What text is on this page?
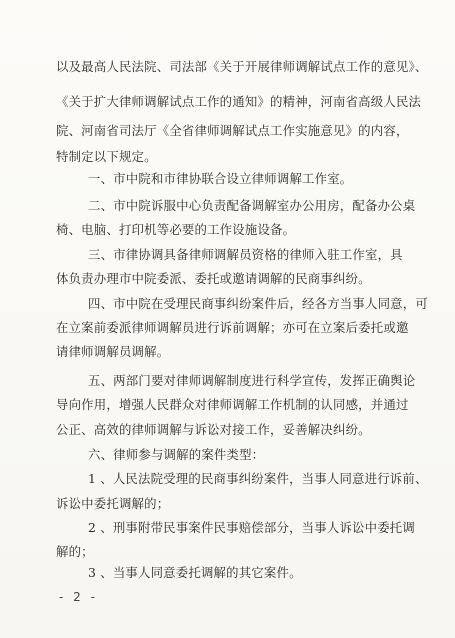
以及最高人民法院、司法部《关于开展律师调解试点工作的意见》、
《关于扩大律师调解试点工作的通知》的精神，河南省高级人民法
院、河南省司法厅《全省律师调解试点工作实施意见》的内容，
特制定以下规定。
一、市中院和市律协联合设立律师调解工作室。
二、市中院诉服中心负责配备调解室办公用房，配备办公桌
椅、电脑、打印机等必要的工作设施设备。
三、市律协调具备律师调解员资格的律师入驻工作室，具
体负责办理市中院委派、委托或邀请调解的民商事纠纷。
四、市中院在受理民商事纠纷案件后，经各方当事人同意，可
在立案前委派律师调解员进行诉前调解；亦可在立案后委托或邀
请律师调解员调解。
五、两部门要对律师调解制度进行科学宣传，发挥正确舆论
导向作用，增强人民群众对律师调解工作机制的认同感，并通过
公正、高效的律师调解与诉讼对接工作，妥善解决纠纷。
六、律师参与调解的案件类型：
1 、人民法院受理的民商事纠纷案件，当事人同意进行诉前、
诉讼中委托调解的；
2 、刑事附带民事案件民事赔偿部分，当事人诉讼中委托调
解的；
3 、当事人同意委托调解的其它案件。
- 2 -
